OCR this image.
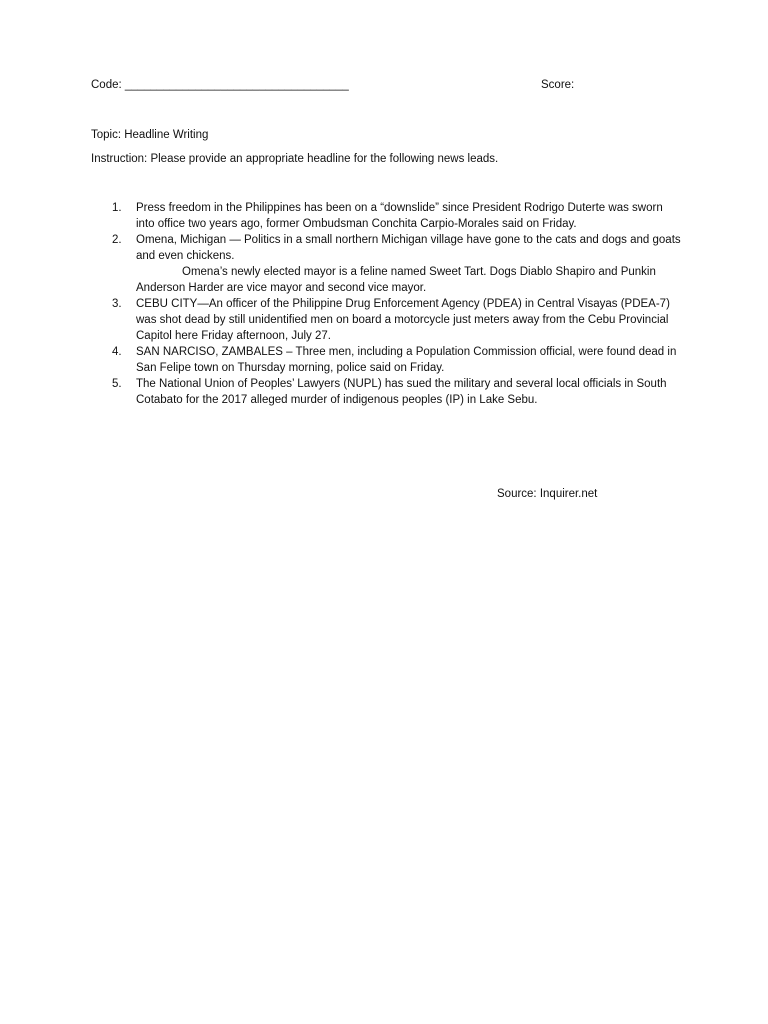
Code: ___________________________________	Score:
Topic: Headline Writing
Instruction: Please provide an appropriate headline for the following news leads.
1.	Press freedom in the Philippines has been on a “downslide” since President Rodrigo Duterte was sworn into office two years ago, former Ombudsman Conchita Carpio-Morales said on Friday.
2.	Omena, Michigan — Politics in a small northern Michigan village have gone to the cats and dogs and goats and even chickens.
Omena’s newly elected mayor is a feline named Sweet Tart. Dogs Diablo Shapiro and Punkin Anderson Harder are vice mayor and second vice mayor.
3.	CEBU CITY—An officer of the Philippine Drug Enforcement Agency (PDEA) in Central Visayas (PDEA-7) was shot dead by still unidentified men on board a motorcycle just meters away from the Cebu Provincial Capitol here Friday afternoon, July 27.
4.	SAN NARCISO, ZAMBALES – Three men, including a Population Commission official, were found dead in San Felipe town on Thursday morning, police said on Friday.
5.	The National Union of Peoples’ Lawyers (NUPL) has sued the military and several local officials in South Cotabato for the 2017 alleged murder of indigenous peoples (IP) in Lake Sebu.
Source: Inquirer.net
